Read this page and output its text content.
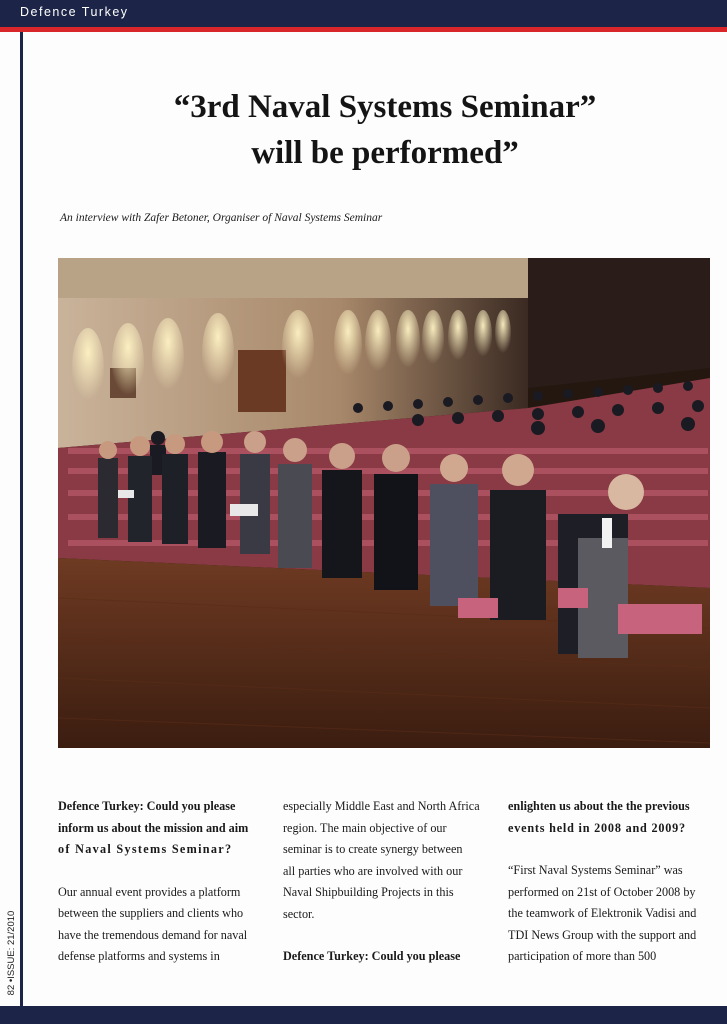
Defence Turkey
82 •ISSUE: 21/2010
“3rd Naval Systems Seminar”
will be performed”
An interview with Zafer Betoner, Organiser of Naval Systems Seminar

Defence Turkey: Could you please

inform us about the mission and aim

of Naval Systems Seminar?

Our annual event provides a platform

between the suppliers and clients who

have the tremendous demand for naval

defense platforms and systems in

especially Middle East and North Africa

region. The main objective of our

seminar is to create synergy between

all parties who are involved with our

Naval Shipbuilding Projects in this

sector.

Defence Turkey: Could you please

enlighten us about the the previous

events held in 2008 and 2009?

“First Naval Systems Seminar” was

performed on 21st of October 2008 by

the teamwork of Elektronik Vadisi and

TDI News Group with the support and

participation of more than 500
